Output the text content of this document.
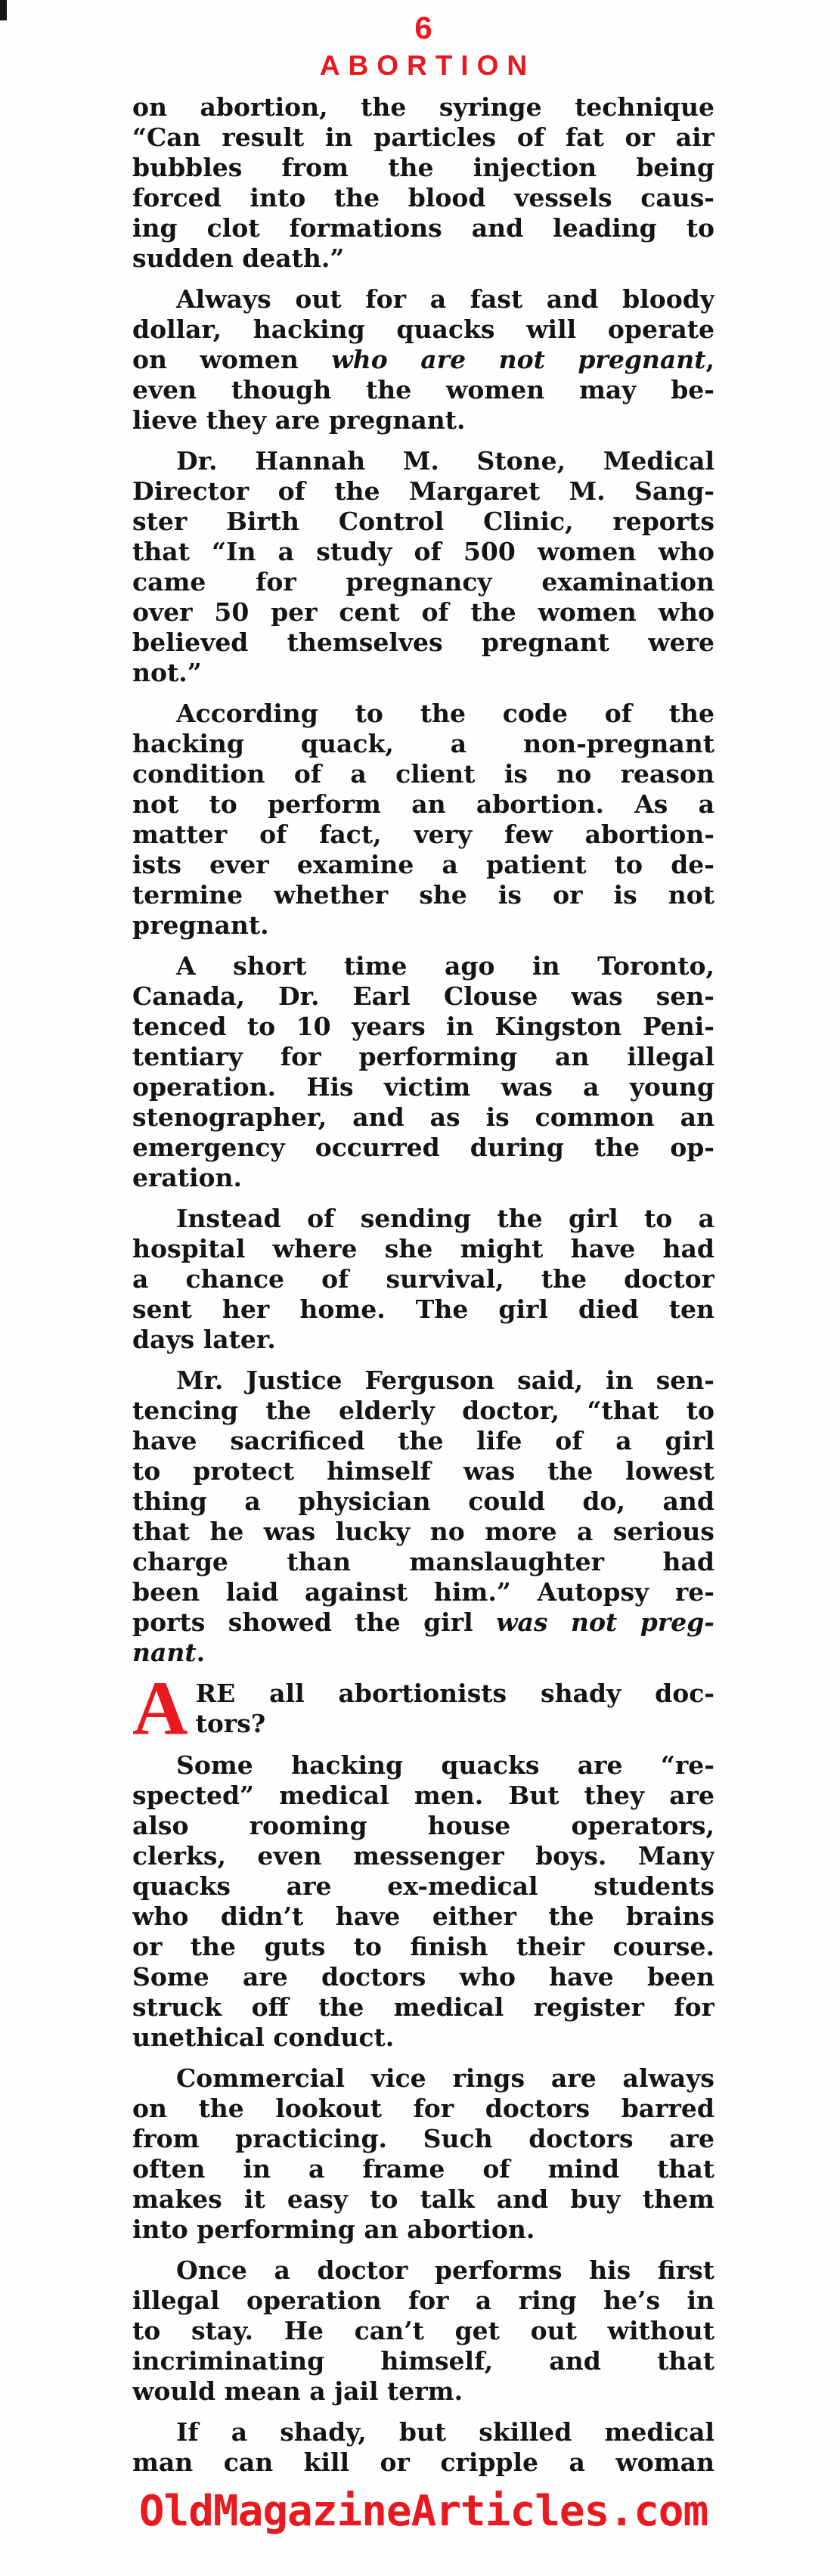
6
ABORTION
on abortion, the syringe technique
“Can result in particles of fat or air
bubbles from the injection being
forced into the blood vessels caus-
ing clot formations and leading to
sudden death.”
Always out for a fast and bloody
dollar, hacking quacks will operate
on women who are not pregnant,
even though the women may be-
lieve they are pregnant.
Dr. Hannah M. Stone, Medical
Director of the Margaret M. Sang-
ster Birth Control Clinic, reports
that “In a study of 500 women who
came for pregnancy examination
over 50 per cent of the women who
believed themselves pregnant were
not.”
According to the code of the
hacking quack, a non-pregnant
condition of a client is no reason
not to perform an abortion. As a
matter of fact, very few abortion-
ists ever examine a patient to de-
termine whether she is or is not
pregnant.
A short time ago in Toronto,
Canada, Dr. Earl Clouse was sen-
tenced to 10 years in Kingston Peni-
tentiary for performing an illegal
operation. His victim was a young
stenographer, and as is common an
emergency occurred during the op-
eration.
Instead of sending the girl to a
hospital where she might have had
a chance of survival, the doctor
sent her home. The girl died ten
days later.
Mr. Justice Ferguson said, in sen-
tencing the elderly doctor, “that to
have sacrificed the life of a girl
to protect himself was the lowest
thing a physician could do, and
that he was lucky no more a serious
charge than manslaughter had
been laid against him.” Autopsy re-
ports showed the girl was not preg-
nant.
A RE all abortionists shady doc-
tors?
Some hacking quacks are “re-
spected” medical men. But they are
also rooming house operators,
clerks, even messenger boys. Many
quacks are ex-medical students
who didn’t have either the brains
or the guts to finish their course.
Some are doctors who have been
struck off the medical register for
unethical conduct.
Commercial vice rings are always
on the lookout for doctors barred
from practicing. Such doctors are
often in a frame of mind that
makes it easy to talk and buy them
into performing an abortion.
Once a doctor performs his first
illegal operation for a ring he’s in
to stay. He can’t get out without
incriminating himself, and that
would mean a jail term.
If a shady, but skilled medical
man can kill or cripple a woman
OldMagazineArticles.com
